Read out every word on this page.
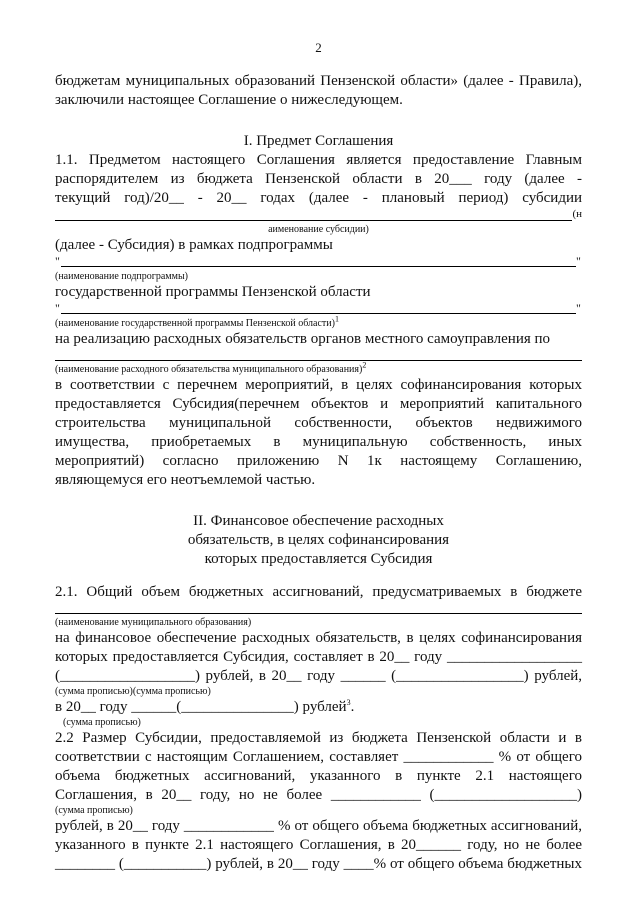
2

бюджетам муниципальных образований Пензенской области» (далее - Правила),

заключили настоящее Соглашение о нижеследующем.

I. Предмет Соглашения

1.1. Предметом настоящего Соглашения является предоставление Главным

распорядителем из бюджета Пензенской области в 20___ году (далее -

текущий год)/20__ - 20__ годах (далее - плановый период) субсидии

(н
аименование субсидии)

(далее - Субсидия) в рамках подпрограммы

"	"
(наименование подпрограммы)

государственной программы Пензенской области

"	"
(наименование государственной программы Пензенской области)$^1$

на реализацию расходных обязательств органов местного самоуправления по

(наименование расходного обязательства муниципального образования)$^2$

в соответствии с перечнем мероприятий, в целях софинансирования которых

предоставляется Субсидия(перечнем объектов и мероприятий капитального

строительства муниципальной собственности, объектов недвижимого

имущества, приобретаемых в муниципальную собственность, иных

мероприятий) согласно приложению N 1к настоящему Соглашению,

являющемуся его неотъемлемой частью.

II. Финансовое обеспечение расходных
обязательств, в целях софинансирования
которых предоставляется Субсидия

2.1. Общий объем бюджетных ассигнований, предусматриваемых в бюджете

(наименование муниципального образования)

на финансовое обеспечение расходных обязательств, в целях софинансирования

которых предоставляется Субсидия, составляет в 20__ году __________________

(__________________) рублей, в 20__ году ______ (_________________) рублей,

(сумма прописью)(сумма прописью)

в 20__ году ______(_______________) рублей$^3$.

(сумма прописью)

2.2 Размер Субсидии, предоставляемой из бюджета Пензенской области и в

соответствии с настоящим Соглашением, составляет ____________ % от общего

объема бюджетных ассигнований, указанного в пункте 2.1 настоящего

Соглашения, в 20__ году, но не более ____________ (___________________)

(сумма прописью)

рублей, в 20__ году ____________ % от общего объема бюджетных ассигнований,

указанного в пункте 2.1 настоящего Соглашения, в 20______ году, но не более

________ (___________) рублей, в 20__ году ____% от общего объема бюджетных
